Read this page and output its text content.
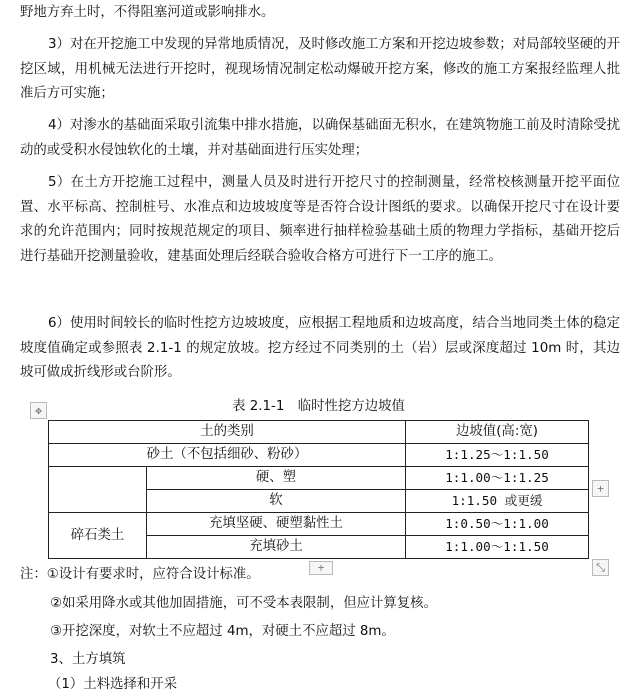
野地方弃土时，不得阻塞河道或影响排水。

3）对在开挖施工中发现的异常地质情况，及时修改施工方案和开挖边坡参数；对局部较坚硬的开挖区域，用机械无法进行开挖时，视现场情况制定松动爆破开挖方案，修改的施工方案报经监理人批准后方可实施；

4）对渗水的基础面采取引流集中排水措施，以确保基础面无积水，在建筑物施工前及时清除受扰动的或受积水侵蚀软化的土壤，并对基础面进行压实处理；

5）在土方开挖施工过程中，测量人员及时进行开挖尺寸的控制测量，经常校核测量开挖平面位置、水平标高、控制桩号、水准点和边坡坡度等是否符合设计图纸的要求。以确保开挖尺寸在设计要求的允许范围内；同时按规范规定的项目、频率进行抽样检验基础土质的物理力学指标，基础开挖后进行基础开挖测量验收，建基面处理后经联合验收合格方可进行下一工序的施工。

6）使用时间较长的临时性挖方边坡坡度，应根据工程地质和边坡高度，结合当地同类土体的稳定坡度值确定或参照表 2.1-1 的规定放坡。挖方经过不同类别的土（岩）层或深度超过 10m 时，其边坡可做成折线形或台阶形。

表 2.1-1　临时性挖方边坡值
✥
土的类别		边坡值(高:宽)
砂土（不包括细砂、粉砂）		1:1.25～1:1.50
	硬、塑	1:1.00～1:1.25
	软	1:1.50 或更缓
碎石类土	充填坚硬、硬塑黏性土	1:0.50～1:1.00
	充填砂土	1:1.00～1:1.50
+
+	⤡

注：①设计有要求时，应符合设计标准。

②如采用降水或其他加固措施，可不受本表限制，但应计算复核。

③开挖深度，对软土不应超过 4m，对硬土不应超过 8m。

3、土方填筑

（1）土料选择和开采
